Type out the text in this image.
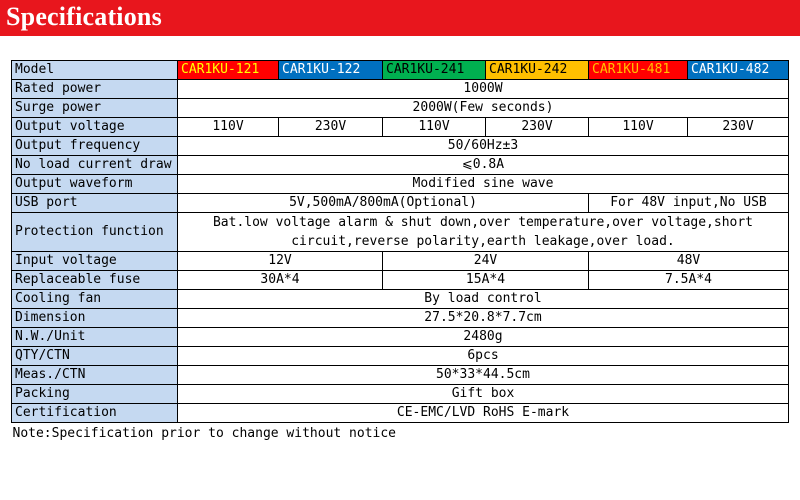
Specifications
Model	CAR1KU-121	CAR1KU-122	CAR1KU-241	CAR1KU-242	CAR1KU-481	CAR1KU-482
Rated power	1000W					
Surge power	2000W(Few seconds)					
Output voltage	110V	230V	110V	230V	110V	230V
Output frequency	50/60Hz±3					
No load current draw	⩽0.8A					
Output waveform	Modified sine wave					
USB port	5V,500mA/800mA(Optional)				For 48V input,No USB	
Protection function	Bat.low voltage alarm & shut down,over temperature,over voltage,short
circuit,reverse polarity,earth leakage,over load.					
Input voltage	12V		24V		48V	
Replaceable fuse	30A*4		15A*4		7.5A*4	
Cooling fan	By load control					
Dimension	27.5*20.8*7.7cm					
N.W./Unit	2480g					
QTY/CTN	6pcs					
Meas./CTN	50*33*44.5cm					
Packing	Gift box					
Certification	CE-EMC/LVD RoHS E-mark					
Note:Specification prior to change without notice						
